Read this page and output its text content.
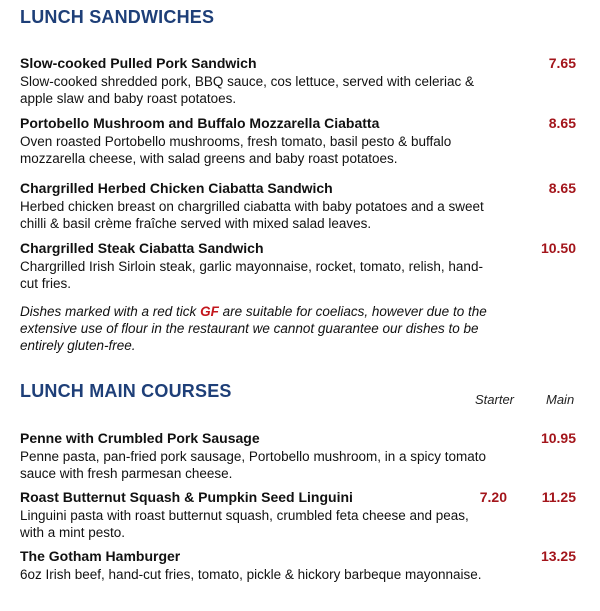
LUNCH SANDWICHES
Slow-cooked Pulled Pork Sandwich
Slow-cooked shredded pork, BBQ sauce, cos lettuce, served with celeriac & apple slaw and baby roast potatoes.
7.65
Portobello Mushroom and Buffalo Mozzarella Ciabatta
Oven roasted Portobello mushrooms, fresh tomato, basil pesto & buffalo mozzarella cheese, with salad greens and baby roast potatoes.
8.65
Chargrilled Herbed Chicken Ciabatta Sandwich
Herbed chicken breast on chargrilled ciabatta with baby potatoes and a sweet chilli & basil crème fraîche served with mixed salad leaves.
8.65
Chargrilled Steak Ciabatta Sandwich
Chargrilled Irish Sirloin steak, garlic mayonnaise, rocket, tomato, relish, hand-cut fries.
10.50
Dishes marked with a red tick GF are suitable for coeliacs, however due to the extensive use of flour in the restaurant we cannot guarantee our dishes to be entirely gluten-free.
LUNCH MAIN COURSES	Starter Main
Penne with Crumbled Pork Sausage
Penne pasta, pan-fried pork sausage, Portobello mushroom, in a spicy tomato sauce with fresh parmesan cheese.
10.95
Roast Butternut Squash & Pumpkin Seed Linguini
Linguini pasta with roast butternut squash, crumbled feta cheese and peas, with a mint pesto.
7.20 11.25
The Gotham Hamburger
6oz Irish beef, hand-cut fries, tomato, pickle & hickory barbeque mayonnaise.
13.25
